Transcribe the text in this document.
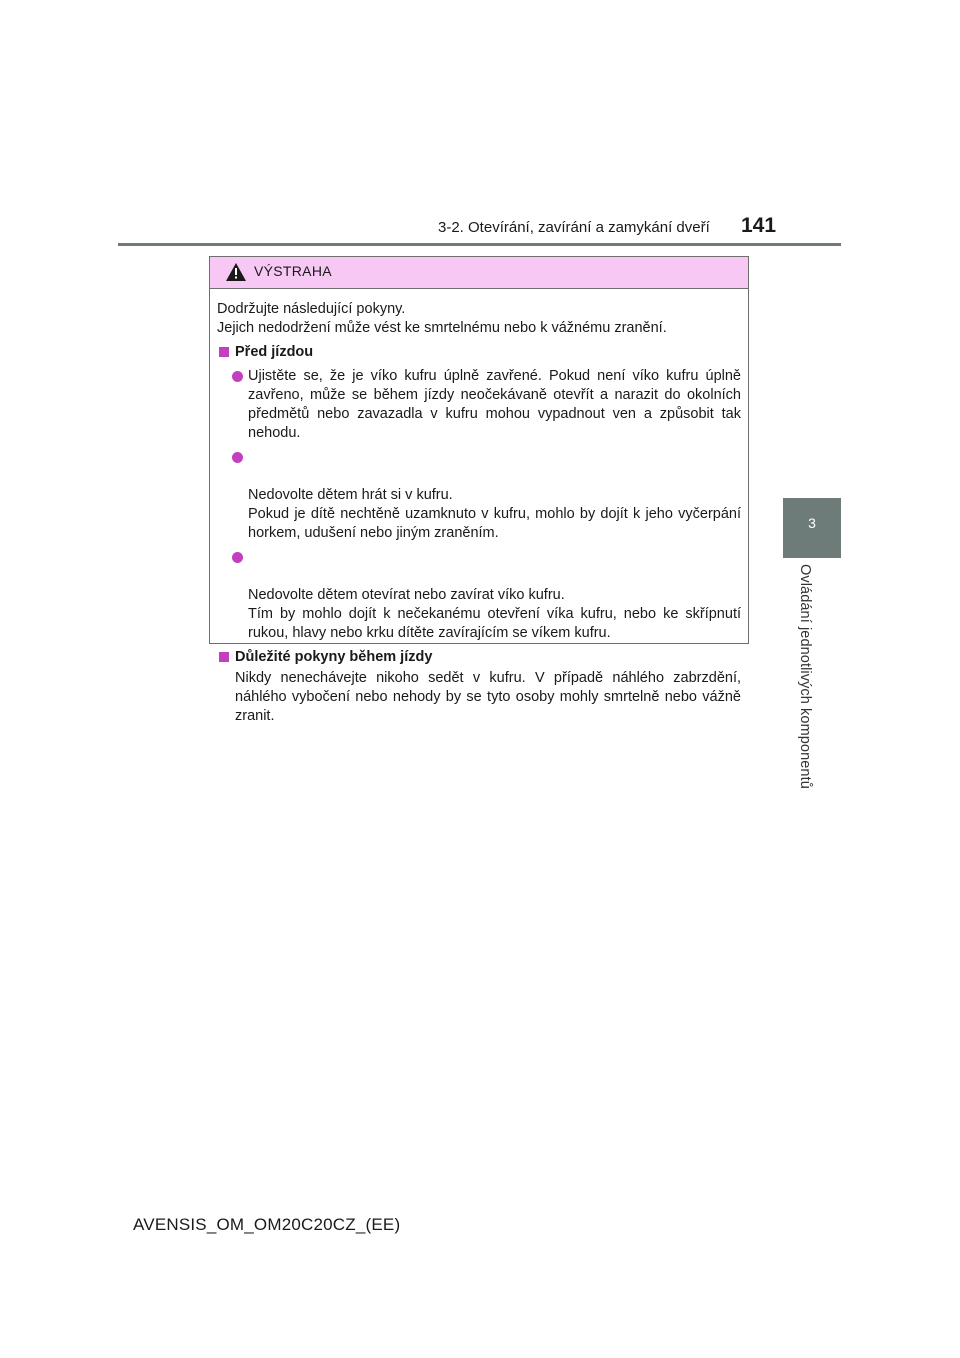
3-2. Otevírání, zavírání a zamykání dveří 141
3
Ovládání jednotlivých komponentů
VÝSTRAHA
Dodržujte následující pokyny.
Jejich nedodržení může vést ke smrtelnému nebo k vážnému zranění.
Před jízdou
Ujistěte se, že je víko kufru úplně zavřené. Pokud není víko kufru úplně zavřeno, může se během jízdy neočekávaně otevřít a narazit do okolních předmětů nebo zavazadla v kufru mohou vypadnout ven a způsobit tak nehodu.

Nedovolte dětem hrát si v kufru.
Pokud je dítě nechtěně uzamknuto v kufru, mohlo by dojít k jeho vyčerpání horkem, udušení nebo jiným zraněním.

Nedovolte dětem otevírat nebo zavírat víko kufru.
Tím by mohlo dojít k nečekanému otevření víka kufru, nebo ke skřípnutí rukou, hlavy nebo krku dítěte zavírajícím se víkem kufru.

Důležité pokyny během jízdy
Nikdy nenechávejte nikoho sedět v kufru. V případě náhlého zabrzdění, náhlého vybočení nebo nehody by se tyto osoby mohly smrtelně nebo vážně zranit.
AVENSIS_OM_OM20C20CZ_(EE)
